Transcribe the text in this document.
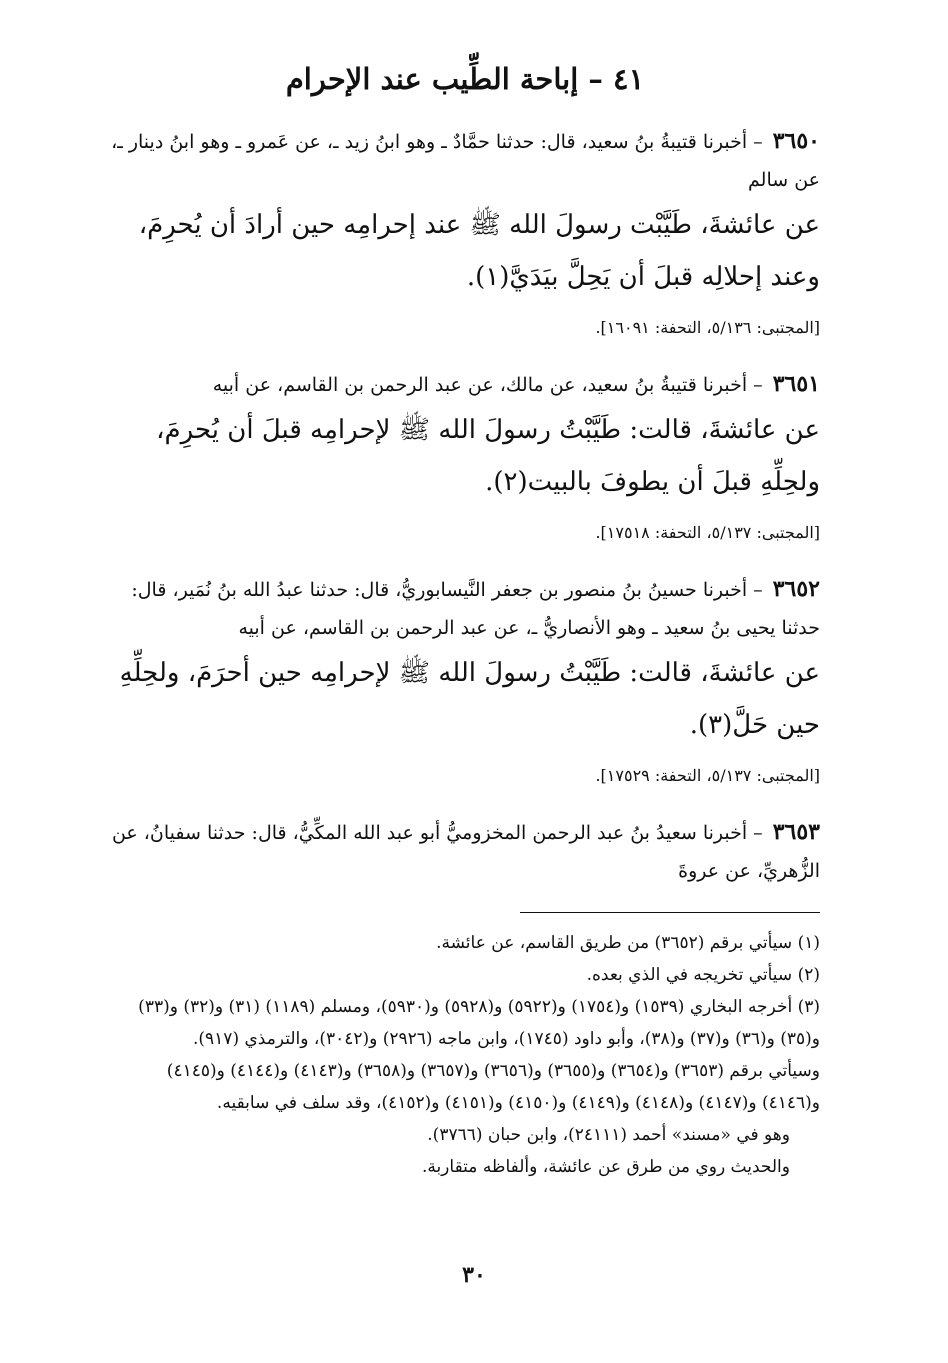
٤١ – إباحة الطِّيب عند الإحرام
٣٦٥٠ – أخبرنا قتيبةُ بنُ سعيد، قال: حدثنا حمَّادٌ ـ وهو ابنُ زيد ـ، عن عَمرو ـ وهو ابنُ دينار ـ، عن سالم
عن عائشةَ، طَيَّبْت رسولَ الله ﷺ عند إحرامِه حين أرادَ أن يُحرِمَ، وعند إحلالِه قبلَ أن يَحِلَّ بيَدَيَّ(١).
[المجتبى: ٥/١٣٦، التحفة: ١٦٠٩١].
٣٦٥١ – أخبرنا قتيبةُ بنُ سعيد، عن مالك، عن عبد الرحمن بن القاسم، عن أبيه
عن عائشةَ، قالت: طَيَّبْتُ رسولَ الله ﷺ لإحرامِه قبلَ أن يُحرِمَ، ولحِلِّهِ قبلَ أن يطوفَ بالبيت(٢).
[المجتبى: ٥/١٣٧، التحفة: ١٧٥١٨].
٣٦٥٢ – أخبرنا حسينُ بنُ منصور بن جعفر النَّيسابوريُّ، قال: حدثنا عبدُ الله بنُ نُمَير، قال: حدثنا يحيى بنُ سعيد ـ وهو الأنصاريُّ ـ، عن عبد الرحمن بن القاسم، عن أبيه
عن عائشةَ، قالت: طَيَّبْتُ رسولَ الله ﷺ لإحرامِه حين أحرَمَ، ولحِلِّهِ حين حَلَّ(٣).
[المجتبى: ٥/١٣٧، التحفة: ١٧٥٢٩].
٣٦٥٣ – أخبرنا سعيدُ بنُ عبد الرحمن المخزوميُّ أبو عبد الله المكِّيُّ، قال: حدثنا سفيانُ، عن الزُّهريِّ، عن عروةَ
(١) سيأتي برقم (٣٦٥٢) من طريق القاسم، عن عائشة.
(٢) سيأتي تخريجه في الذي بعده.
(٣) أخرجه البخاري (١٥٣٩) و(١٧٥٤) و(٥٩٢٢) و(٥٩٢٨) و(٥٩٣٠)، ومسلم (١١٨٩) (٣١) و(٣٢) و(٣٣) و(٣٥) و(٣٦) و(٣٧) و(٣٨)، وأبو داود (١٧٤٥)، وابن ماجه (٢٩٢٦) و(٣٠٤٢)، والترمذي (٩١٧).
وسيأتي برقم (٣٦٥٣) و(٣٦٥٤) و(٣٦٥٥) و(٣٦٥٦) و(٣٦٥٧) و(٣٦٥٨) و(٤١٤٣) و(٤١٤٤) و(٤١٤٥) و(٤١٤٦) و(٤١٤٧) و(٤١٤٨) و(٤١٤٩) و(٤١٥٠) و(٤١٥١) و(٤١٥٢)، وقد سلف في سابقيه.
وهو في «مسند» أحمد (٢٤١١١)، وابن حبان (٣٧٦٦).
والحديث روي من طرق عن عائشة، وألفاظه متقاربة.
٣٠
